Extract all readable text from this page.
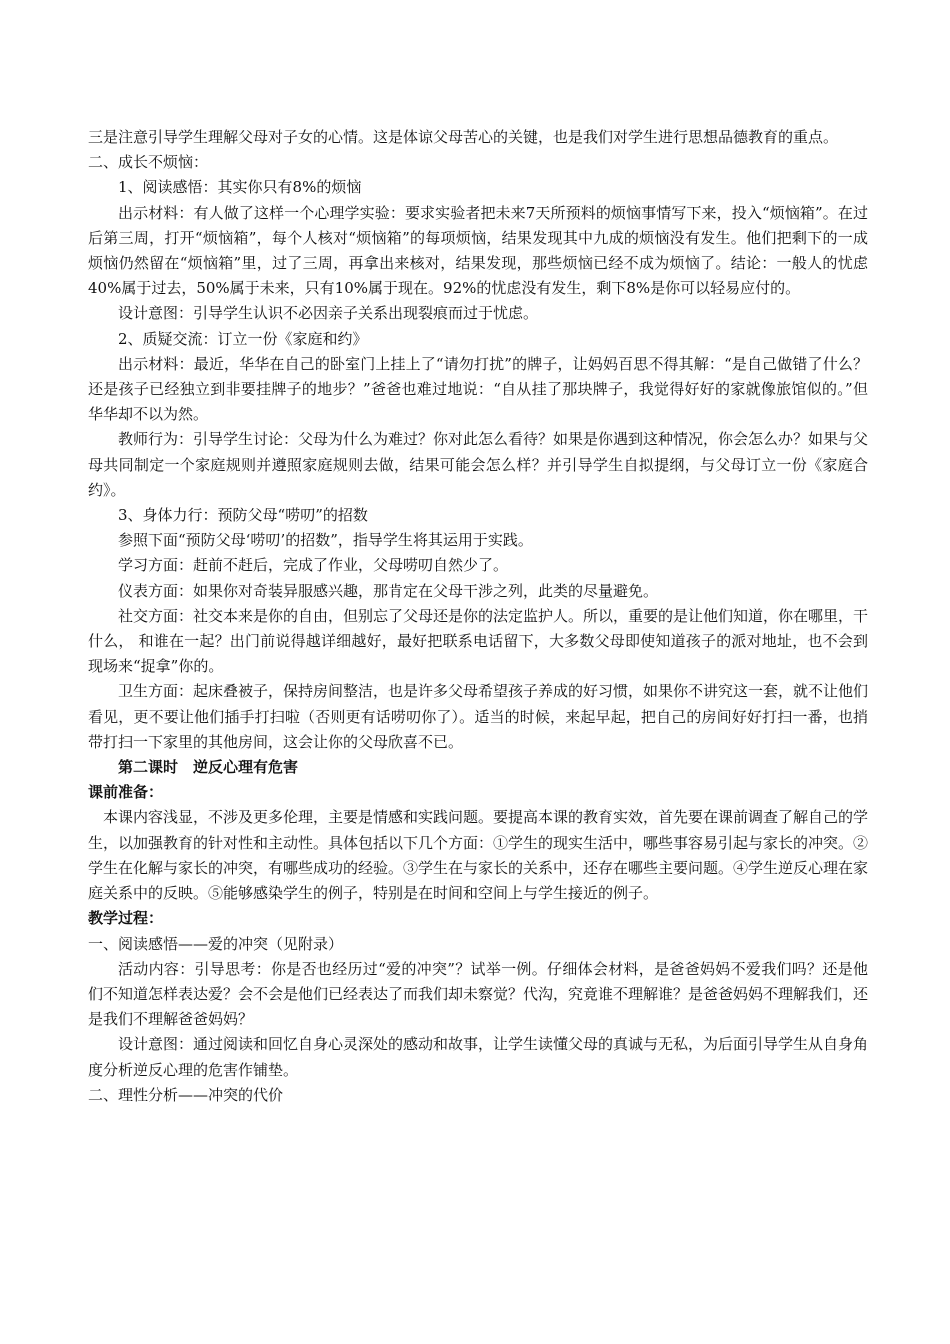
三是注意引导学生理解父母对子女的心情。这是体谅父母苦心的关键，也是我们对学生进行思想品德教育的重点。

二、成长不烦恼：

1、阅读感悟：其实你只有8%的烦恼

出示材料：有人做了这样一个心理学实验：要求实验者把未来7天所预料的烦恼事情写下来，投入“烦恼箱”。在过后第三周，打开“烦恼箱”，每个人核对“烦恼箱”的每项烦恼，结果发现其中九成的烦恼没有发生。他们把剩下的一成烦恼仍然留在“烦恼箱”里，过了三周，再拿出来核对，结果发现，那些烦恼已经不成为烦恼了。结论：一般人的忧虑40%属于过去，50%属于未来，只有10%属于现在。92%的忧虑没有发生，剩下8%是你可以轻易应付的。

设计意图：引导学生认识不必因亲子关系出现裂痕而过于忧虑。

2、质疑交流：订立一份《家庭和约》

出示材料：最近，华华在自己的卧室门上挂上了“请勿打扰”的牌子，让妈妈百思不得其解：“是自己做错了什么？还是孩子已经独立到非要挂牌子的地步？”爸爸也难过地说：“自从挂了那块牌子，我觉得好好的家就像旅馆似的。”但华华却不以为然。

教师行为：引导学生讨论：父母为什么为难过？你对此怎么看待？如果是你遇到这种情况，你会怎么办？如果与父母共同制定一个家庭规则并遵照家庭规则去做，结果可能会怎么样？并引导学生自拟提纲，与父母订立一份《家庭合约》。

3、身体力行：预防父母“唠叨”的招数

参照下面“预防父母‘唠叨’的招数”，指导学生将其运用于实践。

学习方面：赶前不赶后，完成了作业，父母唠叨自然少了。

仪表方面：如果你对奇装异服感兴趣，那肯定在父母干涉之列，此类的尽量避免。

社交方面：社交本来是你的自由，但别忘了父母还是你的法定监护人。所以，重要的是让他们知道，你在哪里，干什么， 和谁在一起？出门前说得越详细越好，最好把联系电话留下，大多数父母即使知道孩子的派对地址，也不会到现场来“捉拿”你的。

卫生方面：起床叠被子，保持房间整洁，也是许多父母希望孩子养成的好习惯，如果你不讲究这一套，就不让他们看见，更不要让他们插手打扫啦（否则更有话唠叨你了）。适当的时候，来起早起，把自己的房间好好打扫一番，也捎带打扫一下家里的其他房间，这会让你的父母欣喜不已。

第二课时　逆反心理有危害

课前准备：

本课内容浅显，不涉及更多伦理，主要是情感和实践问题。要提高本课的教育实效，首先要在课前调查了解自己的学生，以加强教育的针对性和主动性。具体包括以下几个方面：①学生的现实生活中，哪些事容易引起与家长的冲突。②学生在化解与家长的冲突，有哪些成功的经验。③学生在与家长的关系中，还存在哪些主要问题。④学生逆反心理在家庭关系中的反映。⑤能够感染学生的例子，特别是在时间和空间上与学生接近的例子。

教学过程：

一、阅读感悟——爱的冲突（见附录）

活动内容：引导思考：你是否也经历过“爱的冲突”？试举一例。仔细体会材料，是爸爸妈妈不爱我们吗？还是他们不知道怎样表达爱？会不会是他们已经表达了而我们却未察觉？代沟，究竟谁不理解谁？是爸爸妈妈不理解我们，还是我们不理解爸爸妈妈？

设计意图：通过阅读和回忆自身心灵深处的感动和故事，让学生读懂父母的真诚与无私，为后面引导学生从自身角度分析逆反心理的危害作铺垫。

二、理性分析——冲突的代价
